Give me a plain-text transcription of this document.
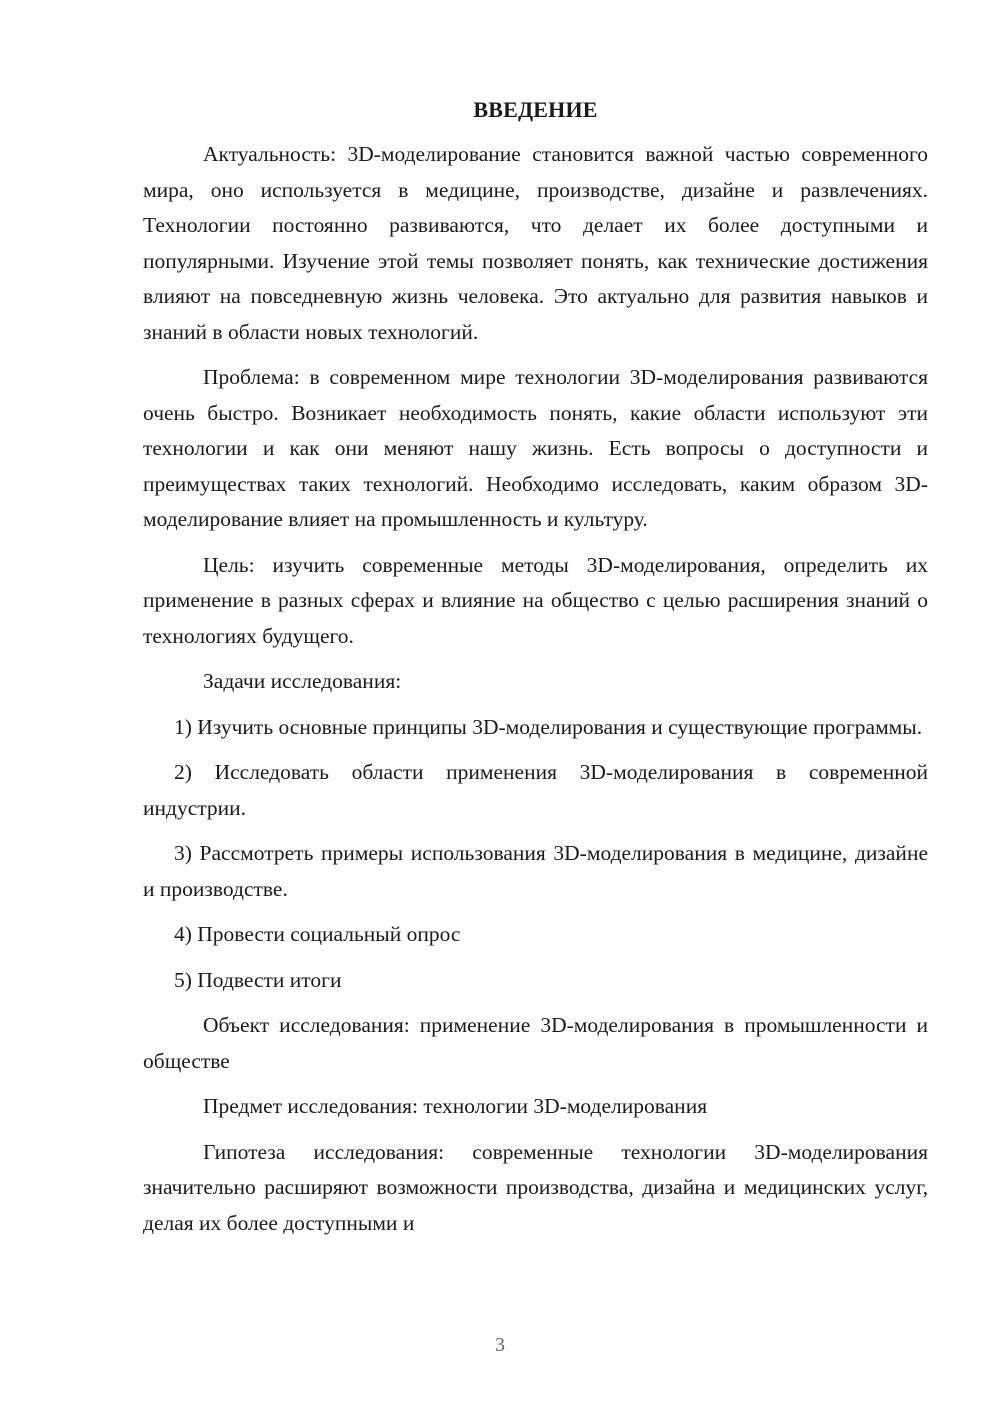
ВВЕДЕНИЕ

Актуальность: 3D-моделирование становится важной частью современного мира, оно используется в медицине, производстве, дизайне и развлечениях. Технологии постоянно развиваются, что делает их более доступными и популярными. Изучение этой темы позволяет понять, как технические достижения влияют на повседневную жизнь человека. Это актуально для развития навыков и знаний в области новых технологий.

Проблема: в современном мире технологии 3D-моделирования развиваются очень быстро. Возникает необходимость понять, какие области используют эти технологии и как они меняют нашу жизнь. Есть вопросы о доступности и преимуществах таких технологий. Необходимо исследовать, каким образом 3D-моделирование влияет на промышленность и культуру.

Цель: изучить современные методы 3D-моделирования, определить их применение в разных сферах и влияние на общество с целью расширения знаний о технологиях будущего.

Задачи исследования:

1) Изучить основные принципы 3D-моделирования и существующие программы.

2) Исследовать области применения 3D-моделирования в современной индустрии.

3) Рассмотреть примеры использования 3D-моделирования в медицине, дизайне и производстве.

4) Провести социальный опрос

5) Подвести итоги

Объект исследования: применение 3D-моделирования в промышленности и обществе

Предмет исследования: технологии 3D-моделирования

Гипотеза исследования: современные технологии 3D-моделирования значительно расширяют возможности производства, дизайна и медицинских услуг, делая их более доступными и

3
